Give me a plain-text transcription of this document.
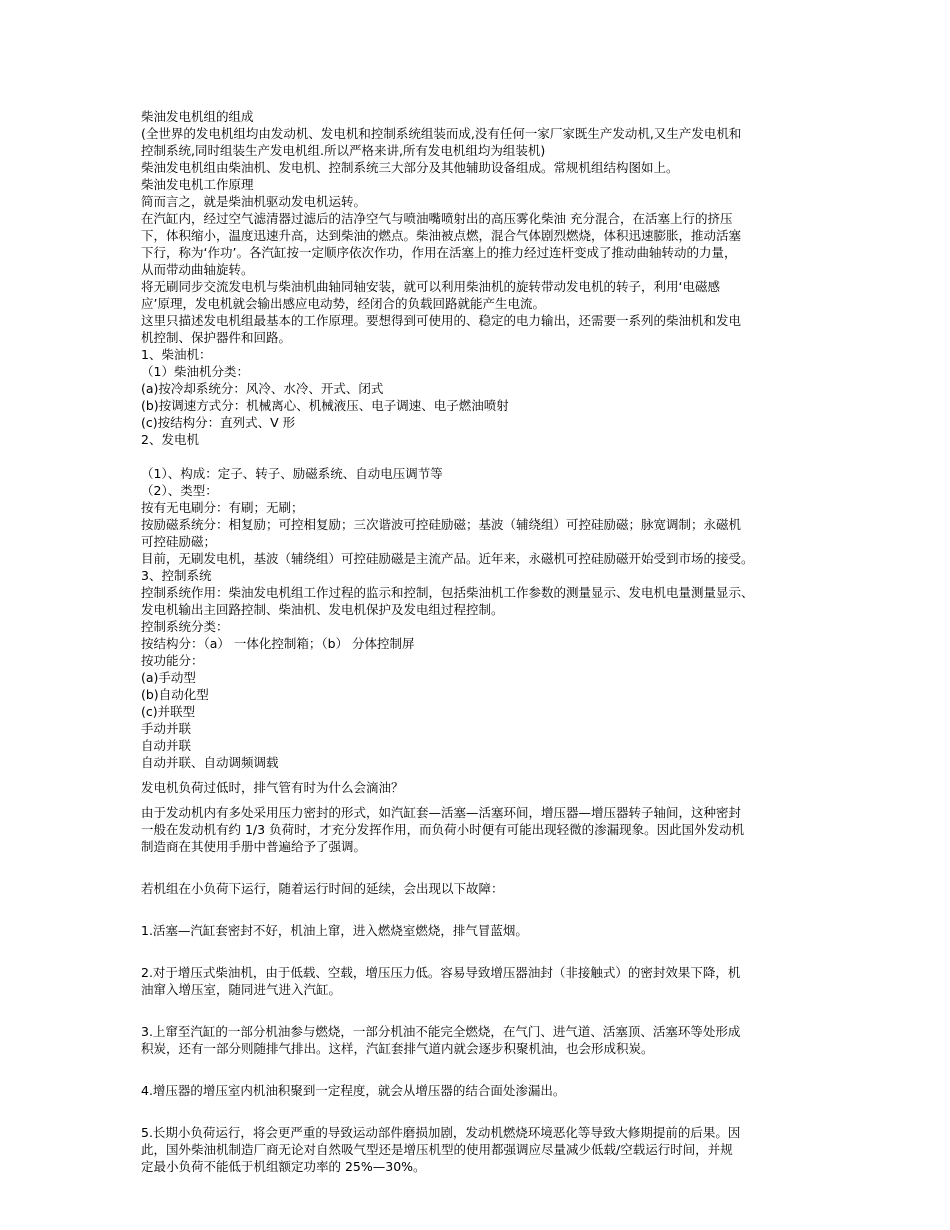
柴油发电机组的组成
(全世界的发电机组均由发动机、发电机和控制系统组装而成,没有任何一家厂家既生产发动机,又生产发电机和
控制系统,同时组装生产发电机组.所以严格来讲,所有发电机组均为组装机)
柴油发电机组由柴油机、发电机、控制系统三大部分及其他辅助设备组成。常规机组结构图如上。
柴油发电机工作原理
简而言之，就是柴油机驱动发电机运转。
在汽缸内，经过空气滤清器过滤后的洁净空气与喷油嘴喷射出的高压雾化柴油 充分混合，在活塞上行的挤压
下，体积缩小，温度迅速升高，达到柴油的燃点。柴油被点燃，混合气体剧烈燃烧，体积迅速膨胀，推动活塞
下行，称为‘作功’。各汽缸按一定顺序依次作功，作用在活塞上的推力经过连杆变成了推动曲轴转动的力量，
从而带动曲轴旋转。
将无刷同步交流发电机与柴油机曲轴同轴安装，就可以利用柴油机的旋转带动发电机的转子，利用‘电磁感
应’原理，发电机就会输出感应电动势，经闭合的负载回路就能产生电流。
这里只描述发电机组最基本的工作原理。要想得到可使用的、稳定的电力输出，还需要一系列的柴油机和发电
机控制、保护器件和回路。
1、柴油机：
（1）柴油机分类：
(a)按冷却系统分：风冷、水冷、开式、闭式
(b)按调速方式分：机械离心、机械液压、电子调速、电子燃油喷射
(c)按结构分：直列式、V 形
2、发电机
（1）、构成：定子、转子、励磁系统、自动电压调节等
（2）、类型：
按有无电刷分：有刷；无刷；
按励磁系统分：相复励；可控相复励；三次谐波可控硅励磁；基波（辅绕组）可控硅励磁；脉宽调制；永磁机
可控硅励磁；
目前，无刷发电机，基波（辅绕组）可控硅励磁是主流产品。近年来，永磁机可控硅励磁开始受到市场的接受。
3、控制系统
控制系统作用：柴油发电机组工作过程的监示和控制，包括柴油机工作参数的测量显示、发电机电量测量显示、
发电机输出主回路控制、柴油机、发电机保护及发电组过程控制。
控制系统分类：
按结构分：（a） 一体化控制箱；（b） 分体控制屏
按功能分：
(a)手动型
(b)自动化型
(c)并联型
手动并联
自动并联
自动并联、自动调频调载
发电机负荷过低时，排气管有时为什么会滴油？
由于发动机内有多处采用压力密封的形式，如汽缸套—活塞—活塞环间，增压器—增压器转子轴间，这种密封
一般在发动机有约 1/3 负荷时，才充分发挥作用，而负荷小时便有可能出现轻微的渗漏现象。因此国外发动机
制造商在其使用手册中普遍给予了强调。
若机组在小负荷下运行，随着运行时间的延续，会出现以下故障：
1.活塞—汽缸套密封不好，机油上窜，进入燃烧室燃烧，排气冒蓝烟。
2.对于增压式柴油机，由于低载、空载，增压压力低。容易导致增压器油封（非接触式）的密封效果下降，机
油窜入增压室，随同进气进入汽缸。
3.上窜至汽缸的一部分机油参与燃烧，一部分机油不能完全燃烧，在气门、进气道、活塞顶、活塞环等处形成
积炭，还有一部分则随排气排出。这样，汽缸套排气道内就会逐步积聚机油，也会形成积炭。
4.增压器的增压室内机油积聚到一定程度，就会从增压器的结合面处渗漏出。
5.长期小负荷运行，将会更严重的导致运动部件磨损加剧，发动机燃烧环境恶化等导致大修期提前的后果。因
此，国外柴油机制造厂商无论对自然吸气型还是增压机型的使用都强调应尽量减少低载/空载运行时间，并规
定最小负荷不能低于机组额定功率的 25%—30%。
